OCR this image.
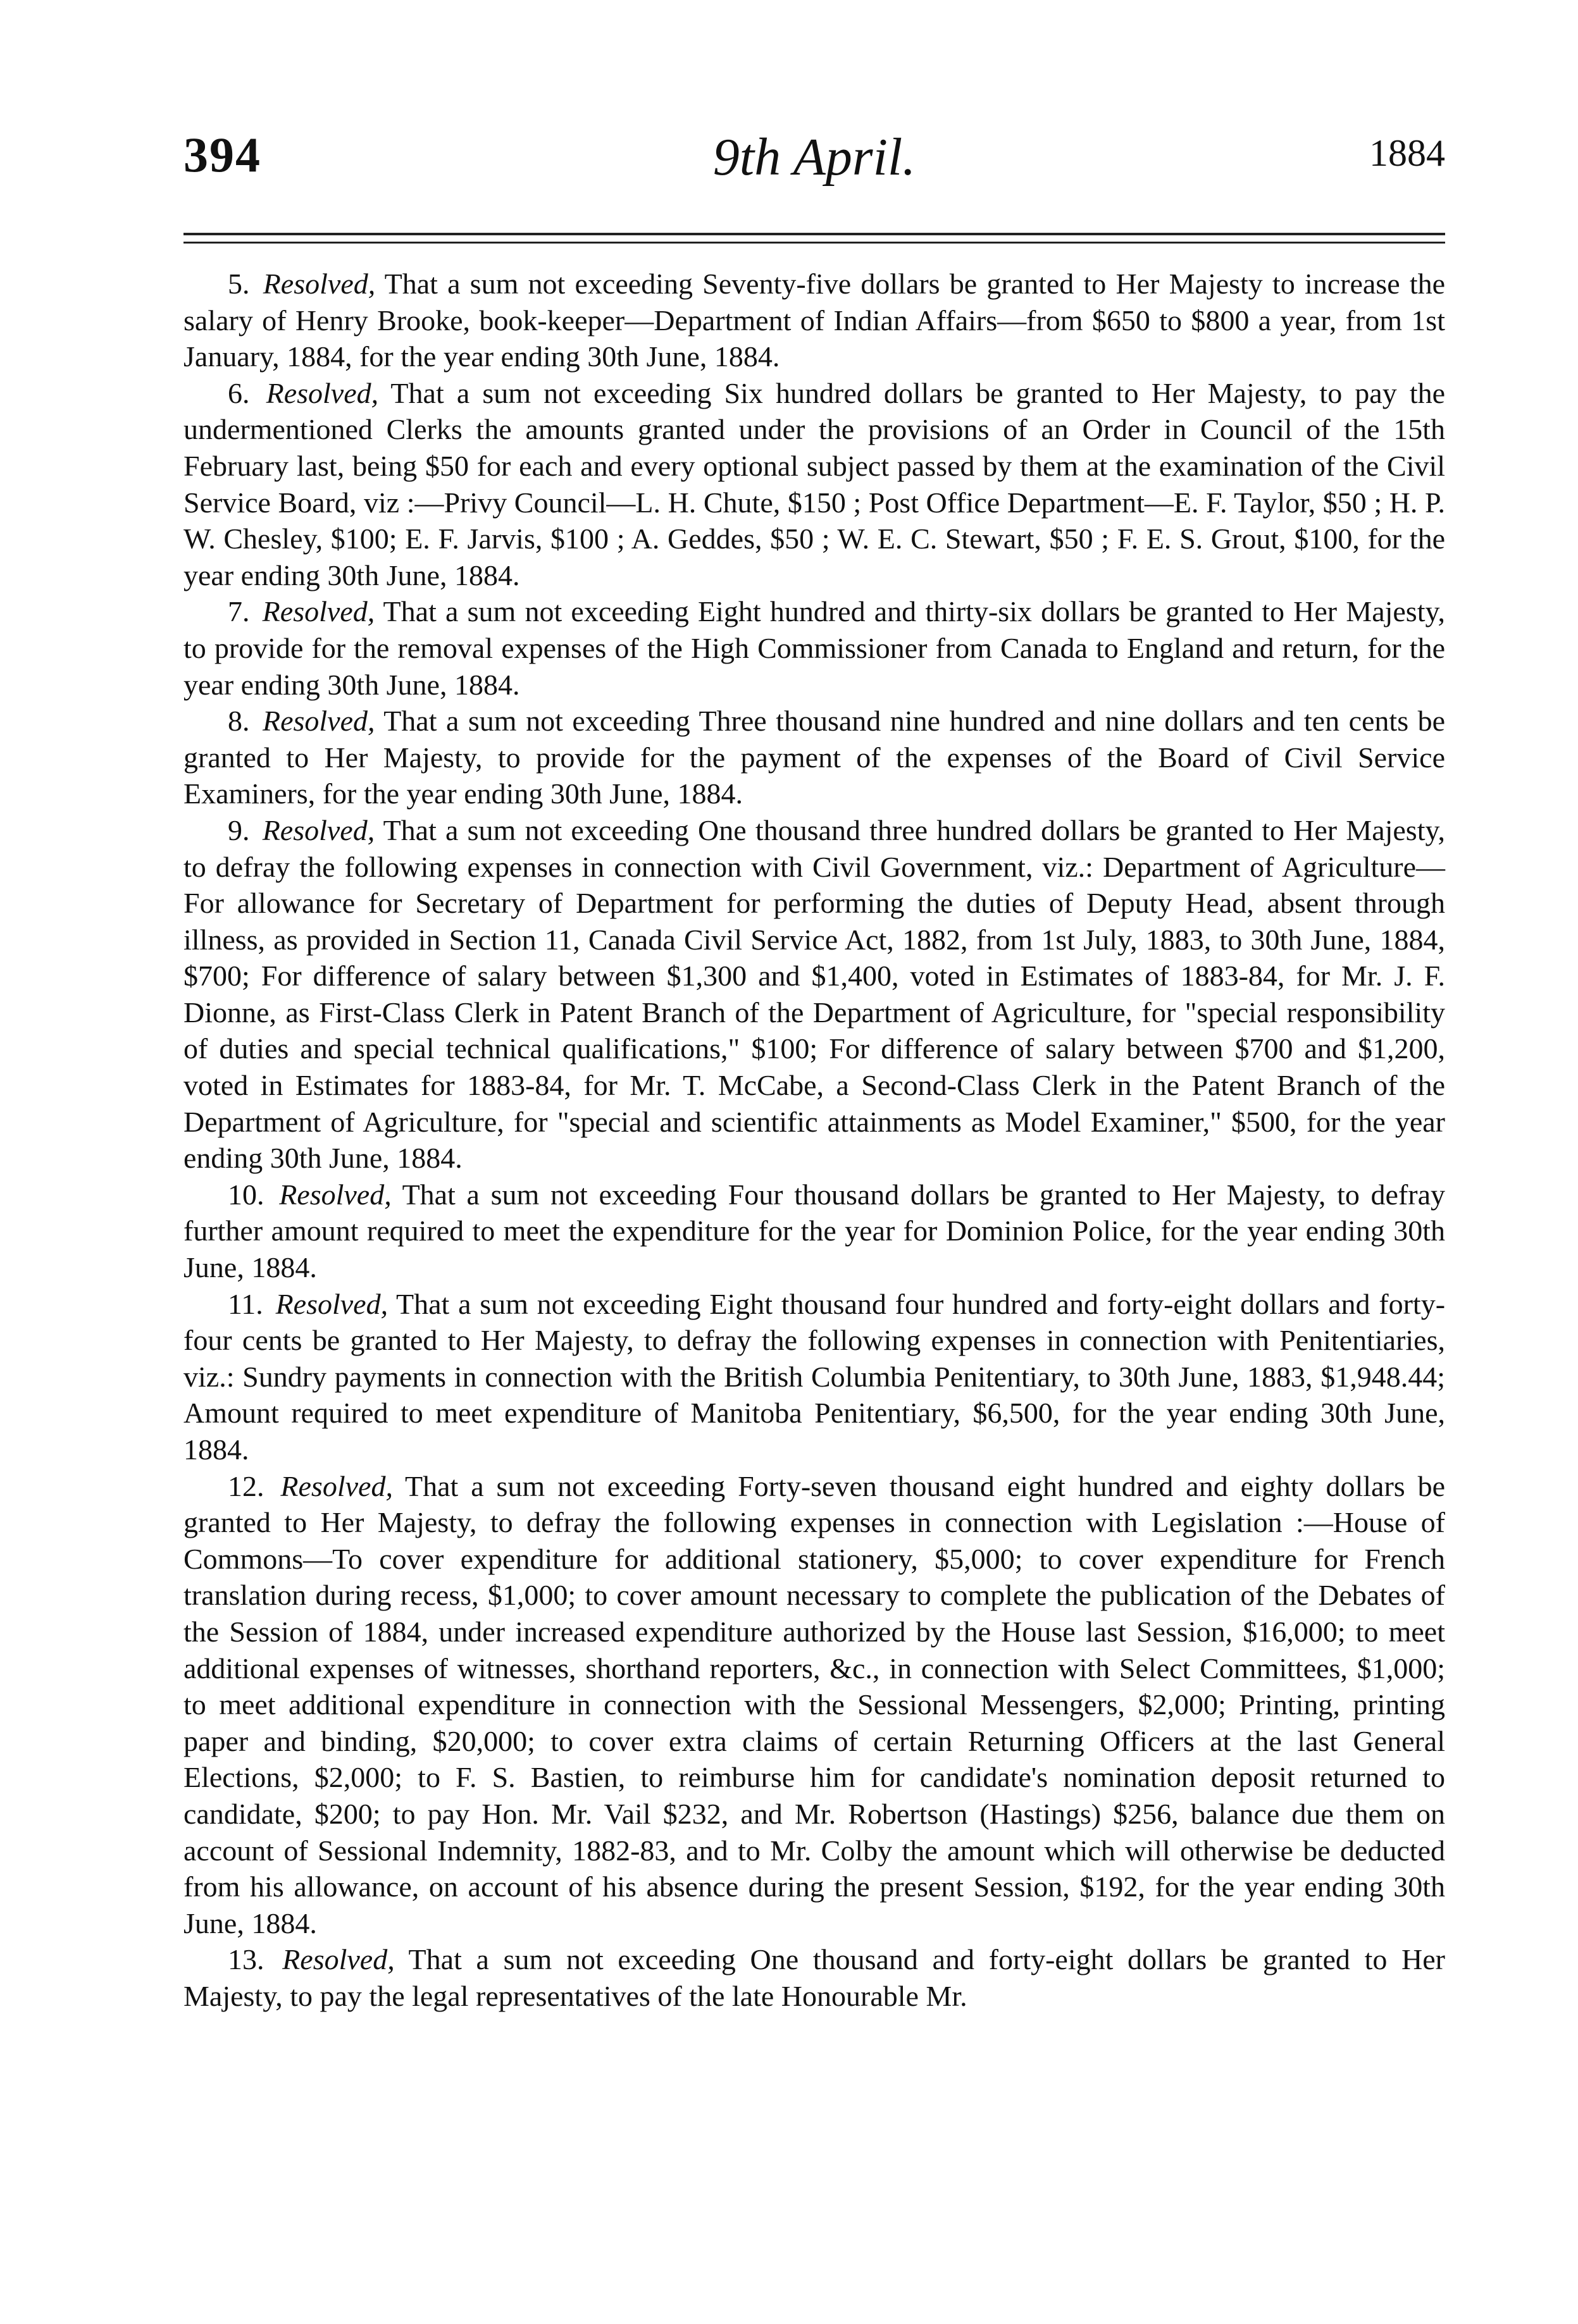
394	9th April.	1884

5. Resolved, That a sum not exceeding Seventy-five dollars be granted to Her Majesty to increase the salary of Henry Brooke, book-keeper—Department of Indian Affairs—from $650 to $800 a year, from 1st January, 1884, for the year ending 30th June, 1884.

6. Resolved, That a sum not exceeding Six hundred dollars be granted to Her Majesty, to pay the undermentioned Clerks the amounts granted under the provisions of an Order in Council of the 15th February last, being $50 for each and every optional subject passed by them at the examination of the Civil Service Board, viz :—Privy Council—L. H. Chute, $150 ; Post Office Department—E. F. Taylor, $50 ; H. P. W. Chesley, $100; E. F. Jarvis, $100 ; A. Geddes, $50 ; W. E. C. Stewart, $50 ; F. E. S. Grout, $100, for the year ending 30th June, 1884.

7. Resolved, That a sum not exceeding Eight hundred and thirty-six dollars be granted to Her Majesty, to provide for the removal expenses of the High Commissioner from Canada to England and return, for the year ending 30th June, 1884.

8. Resolved, That a sum not exceeding Three thousand nine hundred and nine dollars and ten cents be granted to Her Majesty, to provide for the payment of the expenses of the Board of Civil Service Examiners, for the year ending 30th June, 1884.

9. Resolved, That a sum not exceeding One thousand three hundred dollars be granted to Her Majesty, to defray the following expenses in connection with Civil Government, viz.: Department of Agriculture—For allowance for Secretary of Department for performing the duties of Deputy Head, absent through illness, as provided in Section 11, Canada Civil Service Act, 1882, from 1st July, 1883, to 30th June, 1884, $700; For difference of salary between $1,300 and $1,400, voted in Estimates of 1883-84, for Mr. J. F. Dionne, as First-Class Clerk in Patent Branch of the Department of Agriculture, for "special responsibility of duties and special technical qualifications," $100; For difference of salary between $700 and $1,200, voted in Estimates for 1883-84, for Mr. T. McCabe, a Second-Class Clerk in the Patent Branch of the Department of Agriculture, for "special and scientific attainments as Model Examiner," $500, for the year ending 30th June, 1884.

10. Resolved, That a sum not exceeding Four thousand dollars be granted to Her Majesty, to defray further amount required to meet the expenditure for the year for Dominion Police, for the year ending 30th June, 1884.

11. Resolved, That a sum not exceeding Eight thousand four hundred and forty-eight dollars and forty-four cents be granted to Her Majesty, to defray the following expenses in connection with Penitentiaries, viz.: Sundry payments in connection with the British Columbia Penitentiary, to 30th June, 1883, $1,948.44; Amount required to meet expenditure of Manitoba Penitentiary, $6,500, for the year ending 30th June, 1884.

12. Resolved, That a sum not exceeding Forty-seven thousand eight hundred and eighty dollars be granted to Her Majesty, to defray the following expenses in connection with Legislation :—House of Commons—To cover expenditure for additional stationery, $5,000; to cover expenditure for French translation during recess, $1,000; to cover amount necessary to complete the publication of the Debates of the Session of 1884, under increased expenditure authorized by the House last Session, $16,000; to meet additional expenses of witnesses, shorthand reporters, &c., in connection with Select Committees, $1,000; to meet additional expenditure in connection with the Sessional Messengers, $2,000; Printing, printing paper and binding, $20,000; to cover extra claims of certain Returning Officers at the last General Elections, $2,000; to F. S. Bastien, to reimburse him for candidate's nomination deposit returned to candidate, $200; to pay Hon. Mr. Vail $232, and Mr. Robertson (Hastings) $256, balance due them on account of Sessional Indemnity, 1882-83, and to Mr. Colby the amount which will otherwise be deducted from his allowance, on account of his absence during the present Session, $192, for the year ending 30th June, 1884.

13. Resolved, That a sum not exceeding One thousand and forty-eight dollars be granted to Her Majesty, to pay the legal representatives of the late Honourable Mr.
